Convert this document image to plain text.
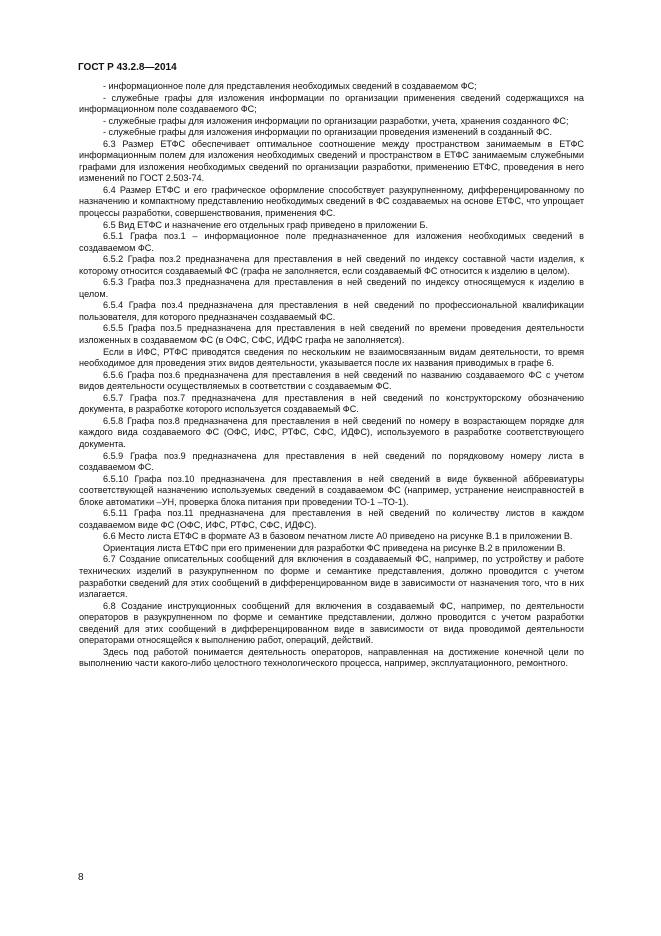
ГОСТ Р 43.2.8—2014

- информационное поле для представления необходимых сведений в создаваемом ФС;

- служебные графы для изложения информации по организации применения сведений содержащихся на информационном поле создаваемого ФС;

- служебные графы для изложения информации по организации разработки, учета, хранения созданного ФС;

- служебные графы для изложения информации по организации проведения изменений в созданный ФС.

6.3 Размер ЕТФС обеспечивает оптимальное соотношение между пространством занимаемым в ЕТФС информационным полем для изложения необходимых сведений и пространством в ЕТФС занимаемым служебными графами для изложения необходимых сведений по организации разработки, применению ЕТФС, проведения в него изменений по ГОСТ 2.503-74.

6.4 Размер ЕТФС и его графическое оформление способствует разукрупненному, дифференцированному по назначению и компактному представлению необходимых сведений в ФС создаваемых на основе ЕТФС, что упрощает процессы разработки, совершенствования, применения ФС.

6.5 Вид ЕТФС и назначение его отдельных граф приведено в приложении Б.

6.5.1 Графа поз.1 – информационное поле предназначенное для изложения необходимых сведений в создаваемом ФС.

6.5.2 Графа поз.2 предназначена для преставления в ней сведений по индексу составной части изделия, к которому относится создаваемый ФС (графа не заполняется, если создаваемый ФС относится к изделию в целом).

6.5.3 Графа поз.3 предназначена для преставления в ней сведений по индексу относящемуся к изделию в целом.

6.5.4 Графа поз.4 предназначена для преставления в ней сведений по профессиональной квалификации пользователя, для которого предназначен создаваемый ФС.

6.5.5 Графа поз.5 предназначена для преставления в ней сведений по времени проведения деятельности изложенных в создаваемом ФС (в ОФС, СФС, ИДФС графа не заполняется).

Если в ИФС, РТФС приводятся сведения по нескольким не взаимосвязанным видам деятельности, то время необходимое для проведения этих видов деятельности, указывается после их названия приводимых в графе 6.

6.5.6 Графа поз.6 предназначена для преставления в ней сведений по названию создаваемого ФС с учетом видов деятельности осуществляемых в соответствии с создаваемым ФС.

6.5.7 Графа поз.7 предназначена для преставления в ней сведений по конструкторскому обозначению документа, в разработке которого используется создаваемый ФС.

6.5.8 Графа поз.8 предназначена для преставления в ней сведений по номеру в возрастающем порядке для каждого вида создаваемого ФС (ОФС, ИФС, РТФС, СФС, ИДФС), используемого в разработке соответствующего документа.

6.5.9 Графа поз.9 предназначена для преставления в ней сведений по порядковому номеру листа в создаваемом ФС.

6.5.10 Графа поз.10 предназначена для преставления в ней сведений в виде буквенной аббревиатуры соответствующей назначению используемых сведений в создаваемом ФС (например, устранение неисправностей в блоке автоматики –УН, проверка блока питания при проведении ТО-1 –ТО-1).

6.5.11 Графа поз.11 предназначена для преставления в ней сведений по количеству листов в каждом создаваемом виде ФС (ОФС, ИФС, РТФС, СФС, ИДФС).

6.6 Место листа ЕТФС в формате А3 в базовом печатном листе А0 приведено на рисунке В.1 в приложении В.

Ориентация листа ЕТФС при его применении для разработки ФС приведена на рисунке В.2 в приложении В.

6.7 Создание описательных сообщений для включения в создаваемый ФС, например, по устройству и работе технических изделий в разукрупненном по форме и семантике представления, должно проводится с учетом разработки сведений для этих сообщений в дифференцированном виде в зависимости от назначения того, что в них излагается.

6.8 Создание инструкционных сообщений для включения в создаваемый ФС, например, по деятельности операторов в разукрупненном по форме и семантике представлении, должно проводится с учетом разработки сведений для этих сообщений в дифференцированном виде в зависимости от вида проводимой деятельности операторами относящейся к выполнению работ, операций, действий.

Здесь под работой понимается деятельность операторов, направленная на достижение конечной цели по выполнению части какого-либо целостного технологического процесса, например, эксплуатационного, ремонтного.

8
